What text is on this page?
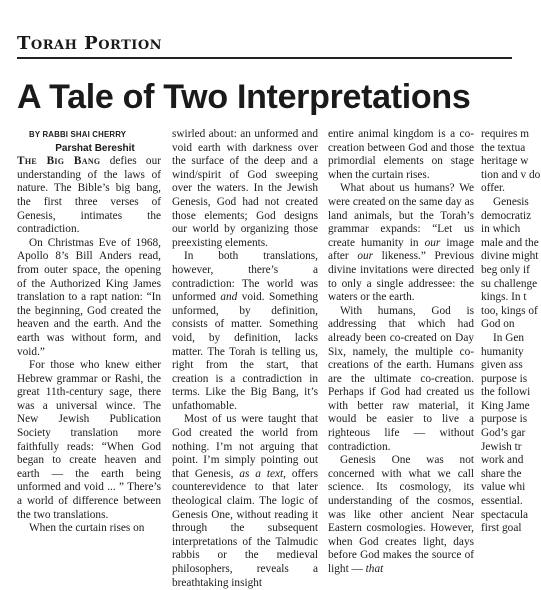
Torah Portion
A Tale of Two Interpretations

BY RABBI SHAI CHERRY

Parshat Bereshit

The Big Bang defies our understanding of the laws of nature. The Bible’s big bang, the first three verses of Genesis, intimates the contradiction.

On Christmas Eve of 1968, Apollo 8’s Bill Anders read, from outer space, the opening of the Authorized King James translation to a rapt nation: “In the beginning, God created the heaven and the earth. And the earth was without form, and void.”

For those who knew either Hebrew grammar or Rashi, the great 11th-century sage, there was a universal wince. The New Jewish Publication Society translation more faithfully reads: “When God began to create heaven and earth — the earth being unformed and void ... ” There’s a world of difference between the two translations.

When the curtain rises on

swirled about: an unformed and void earth with darkness over the surface of the deep and a wind/spirit of God sweeping over the waters. In the Jewish Genesis, God had not created those elements; God designs our world by organizing those preexisting elements.

In both translations, however, there’s a contradiction: The world was unformed and void. Something unformed, by definition, consists of matter. Something void, by definition, lacks matter. The Torah is telling us, right from the start, that creation is a contradiction in terms. Like the Big Bang, it’s unfathomable.

Most of us were taught that God created the world from nothing. I’m not arguing that point. I’m simply pointing out that Genesis, as a text, offers counterevidence to that later theological claim. The logic of Genesis One, without reading it through the subsequent interpretations of the Talmudic rabbis or the medieval philosophers, reveals a breathtaking insight

entire animal kingdom is a co-creation between God and those primordial elements on stage when the curtain rises.

What about us humans? We were created on the same day as land animals, but the Torah’s grammar expands: “Let us create humanity in our image after our likeness.” Previous divine invitations were directed to only a single addressee: the waters or the earth.

With humans, God is addressing that which had already been co-created on Day Six, namely, the multiple co-creations of the earth. Humans are the ultimate co-creation. Perhaps if God had created us with better raw material, it would be easier to live a righteous life — without contradiction.

Genesis One was not concerned with what we call science. Its cosmology, its understanding of the cosmos, was like other ancient Near Eastern cosmologies. However, when God creates light, days before God makes the source of light — that

requires m the textua heritage w tion and v do offer.

Genesis democratiz in which male and the divine might beg only if su challenge kings. In t too, kings of God on

In Gen humanity given ass purpose is the followi King Jame purpose is God’s gar Jewish tr work and share the value whi essential. spectacula first goal
